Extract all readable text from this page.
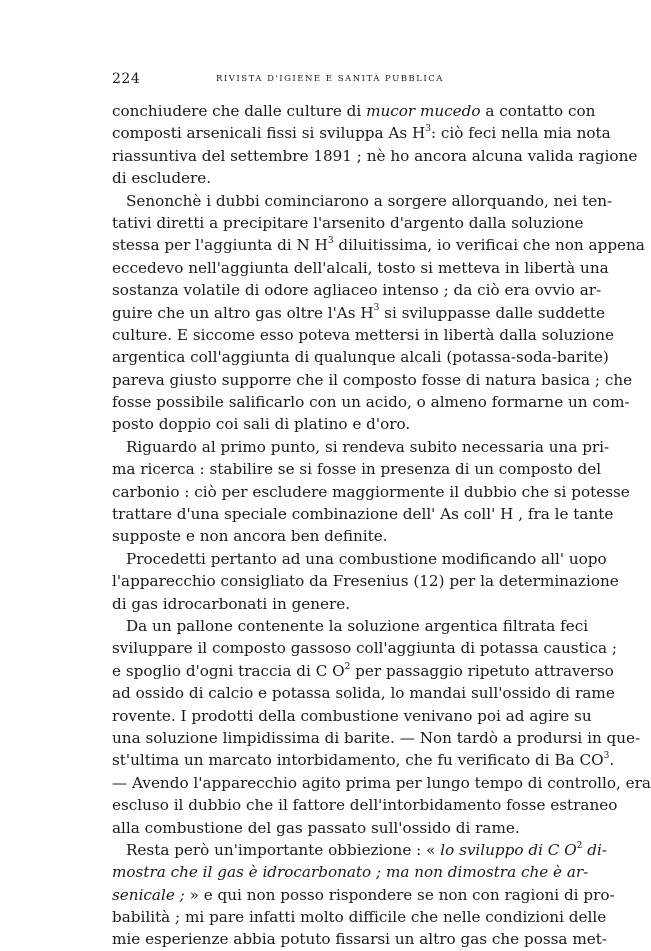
224	RIVISTA D'IGIENE E SANITÀ PUBBLICA
conchiudere che dalle culture di mucor mucedo a contatto con
composti arsenicali fissi si sviluppa As $H^3$: ciò feci nella mia nota
riassuntiva del settembre 1891 ; nè ho ancora alcuna valida ragione
di escludere.
Senonchè i dubbi cominciarono a sorgere allorquando, nei ten-
tativi diretti a precipitare l'arsenito d'argento dalla soluzione
stessa per l'aggiunta di N $H^3$ diluitissima, io verificai che non appena
eccedevo nell'aggiunta dell'alcali, tosto si metteva in libertà una
sostanza volatile di odore agliaceo intenso ; da ciò era ovvio ar-
guire che un altro gas oltre l'As $H^3$ si sviluppasse dalle suddette
culture. E siccome esso poteva mettersi in libertà dalla soluzione
argentica coll'aggiunta di qualunque alcali (potassa-soda-barite)
pareva giusto supporre che il composto fosse di natura basica ; che
fosse possibile salificarlo con un acido, o almeno formarne un com-
posto doppio coi sali di platino e d'oro.
Riguardo al primo punto, si rendeva subito necessaria una pri-
ma ricerca : stabilire se si fosse in presenza di un composto del
carbonio : ciò per escludere maggiormente il dubbio che si potesse
trattare d'una speciale combinazione dell' As coll' H , fra le tante
supposte e non ancora ben definite.
Procedetti pertanto ad una combustione modificando all' uopo
l'apparecchio consigliato da Fresenius (12) per la determinazione
di gas idrocarbonati in genere.
Da un pallone contenente la soluzione argentica filtrata feci
sviluppare il composto gassoso coll'aggiunta di potassa caustica ;
e spoglio d'ogni traccia di C $O^2$ per passaggio ripetuto attraverso
ad ossido di calcio e potassa solida, lo mandai sull'ossido di rame
rovente. I prodotti della combustione venivano poi ad agire su
una soluzione limpidissima di barite. — Non tardò a prodursi in que-
st'ultima un marcato intorbidamento, che fu verificato di Ba $CO^3$.
— Avendo l'apparecchio agito prima per lungo tempo di controllo, era
escluso il dubbio che il fattore dell'intorbidamento fosse estraneo
alla combustione del gas passato sull'ossido di rame.
Resta però un'importante obbiezione : « lo sviluppo di C $O^2$ di-
mostra che il gas è idrocarbonato ; ma non dimostra che è ar-
senicale ; » e qui non posso rispondere se non con ragioni di pro-
babilità ; mi pare infatti molto difficile che nelle condizioni delle
mie esperienze abbia potuto fissarsi un altro gas che possa met-
